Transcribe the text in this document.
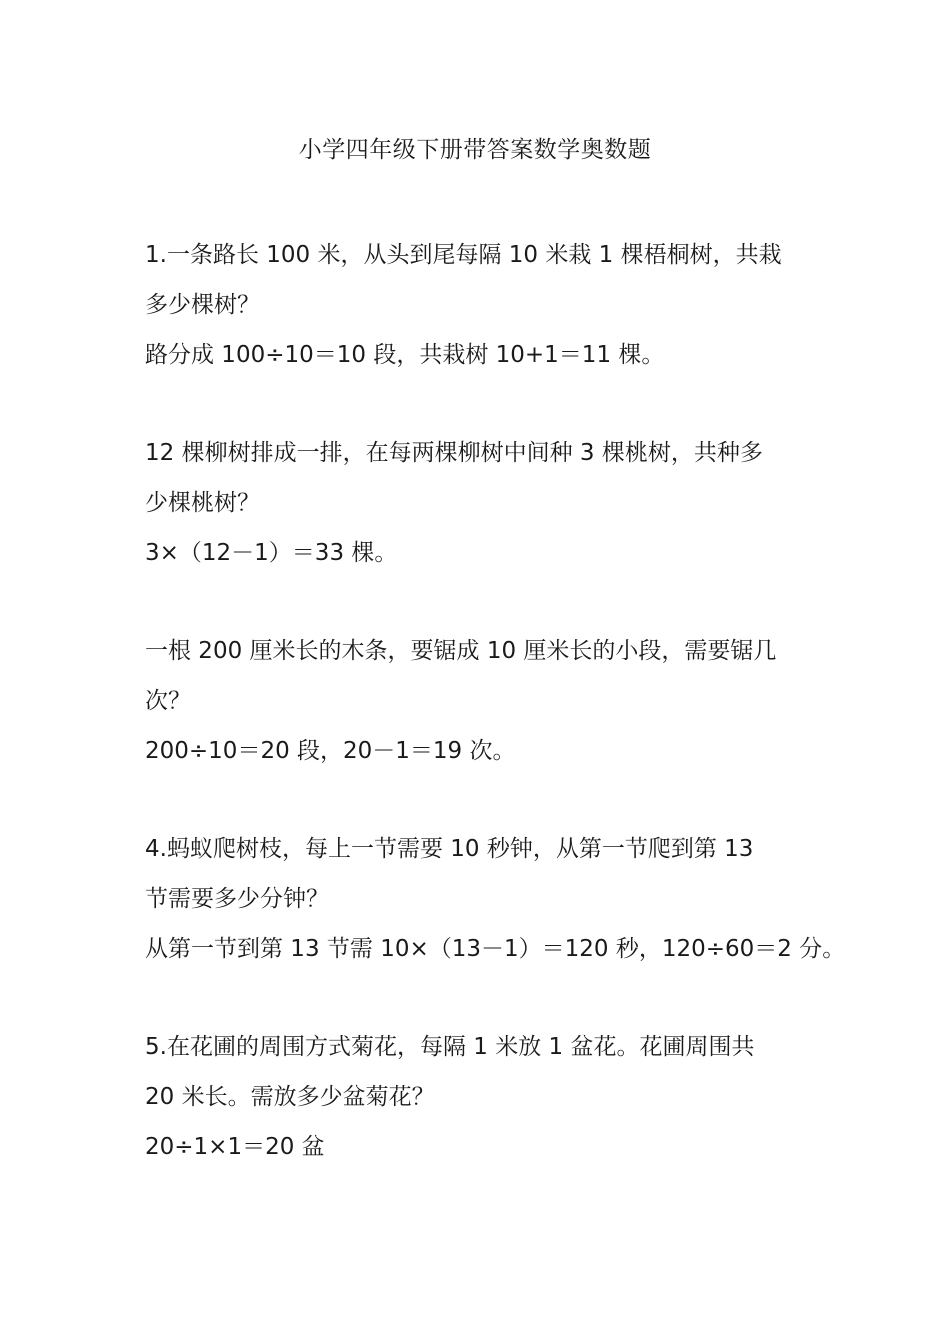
小学四年级下册带答案数学奥数题
1.一条路长 100 米，从头到尾每隔 10 米栽 1 棵梧桐树，共栽
多少棵树？
路分成 100÷10＝10 段，共栽树 10+1＝11 棵。
12 棵柳树排成一排，在每两棵柳树中间种 3 棵桃树，共种多
少棵桃树？
3×（12－1）＝33 棵。
一根 200 厘米长的木条，要锯成 10 厘米长的小段，需要锯几
次？
200÷10＝20 段，20－1＝19 次。
4.蚂蚁爬树枝，每上一节需要 10 秒钟，从第一节爬到第 13
节需要多少分钟？
从第一节到第 13 节需 10×（13－1）＝120 秒，120÷60＝2 分。
5.在花圃的周围方式菊花，每隔 1 米放 1 盆花。花圃周围共
20 米长。需放多少盆菊花？
20÷1×1＝20 盆
